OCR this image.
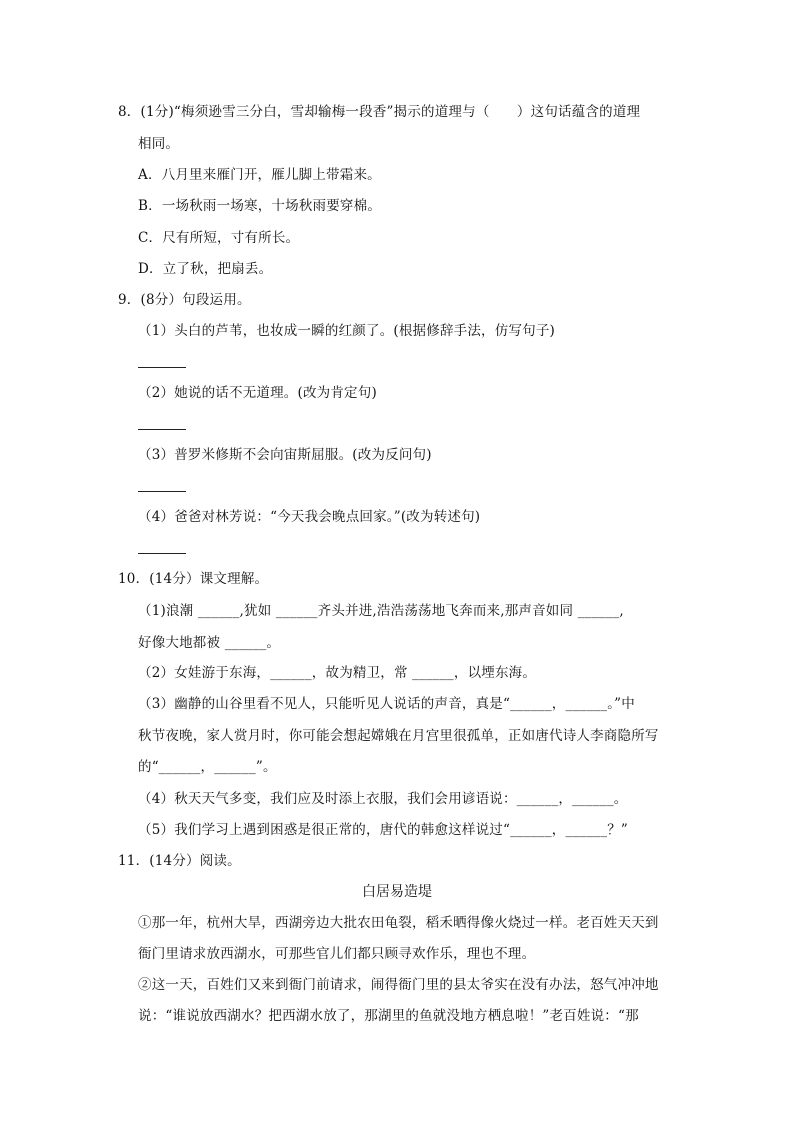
8．(1分)“梅须逊雪三分白，雪却输梅一段香”揭示的道理与（　　）这句话蕴含的道理
相同。
A．八月里来雁门开，雁儿脚上带霜来。
B．一场秋雨一场寒，十场秋雨要穿棉。
C．尺有所短，寸有所长。
D．立了秋，把扇丢。
9．(8分）句段运用。
（1）头白的芦苇，也妆成一瞬的红颜了。(根据修辞手法，仿写句子)
（2）她说的话不无道理。(改为肯定句)
（3）普罗米修斯不会向宙斯屈服。(改为反问句)
（4）爸爸对林芳说：“今天我会晚点回家。”(改为转述句)
10．(14分）课文理解。
（1)浪潮 ______,犹如 ______齐头并进,浩浩荡荡地飞奔而来,那声音如同 ______,
好像大地都被 ______。
（2）女娃游于东海，______，故为精卫，常 ______，以堙东海。
（3）幽静的山谷里看不见人，只能听见人说话的声音，真是“______，______。”中
秋节夜晚，家人赏月时，你可能会想起嫦娥在月宫里很孤单，正如唐代诗人李商隐所写
的“______，______”。
（4）秋天天气多变，我们应及时添上衣服，我们会用谚语说：______，______。
（5）我们学习上遇到困惑是很正常的，唐代的韩愈这样说过“______，______？”
11．(14分）阅读。
白居易造堤
①那一年，杭州大旱，西湖旁边大批农田龟裂，稻禾晒得像火烧过一样。老百姓天天到
衙门里请求放西湖水，可那些官儿们都只顾寻欢作乐，理也不理。
②这一天，百姓们又来到衙门前请求，闹得衙门里的县太爷实在没有办法，怒气冲冲地
说：“谁说放西湖水？把西湖水放了，那湖里的鱼就没地方栖息啦！”老百姓说：“那
